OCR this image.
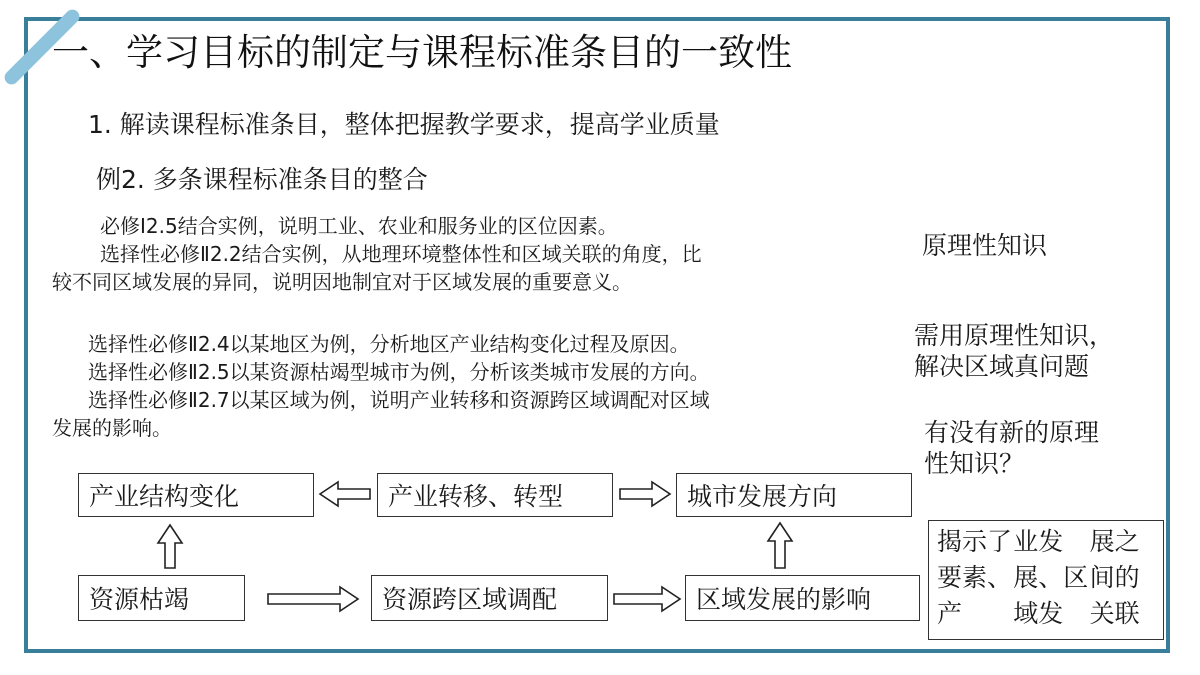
一、学习目标的制定与课程标准条目的一致性

1. 解读课程标准条目，整体把握教学要求，提高学业质量

例2. 多条课程标准条目的整合

必修Ⅰ2.5结合实例，说明工业、农业和服务业的区位因素。
选择性必修Ⅱ2.2结合实例，从地理环境整体性和区域关联的角度，比
较不同区域发展的异同，说明因地制宜对于区域发展的重要意义。
选择性必修Ⅱ2.4以某地区为例，分析地区产业结构变化过程及原因。
选择性必修Ⅱ2.5以某资源枯竭型城市为例，分析该类城市发展的方向。
选择性必修Ⅱ2.7以某区域为例，说明产业转移和资源跨区域调配对区域
发展的影响。

原理性知识

需用原理性知识，
解决区域真问题
有没有新的原理
性知识？
产业结构变化	产业转移、转型	城市发展方向
资源枯竭	资源跨区域调配	区域发展的影响
揭示了要素、产
业发展、区域发
展之间的关联
